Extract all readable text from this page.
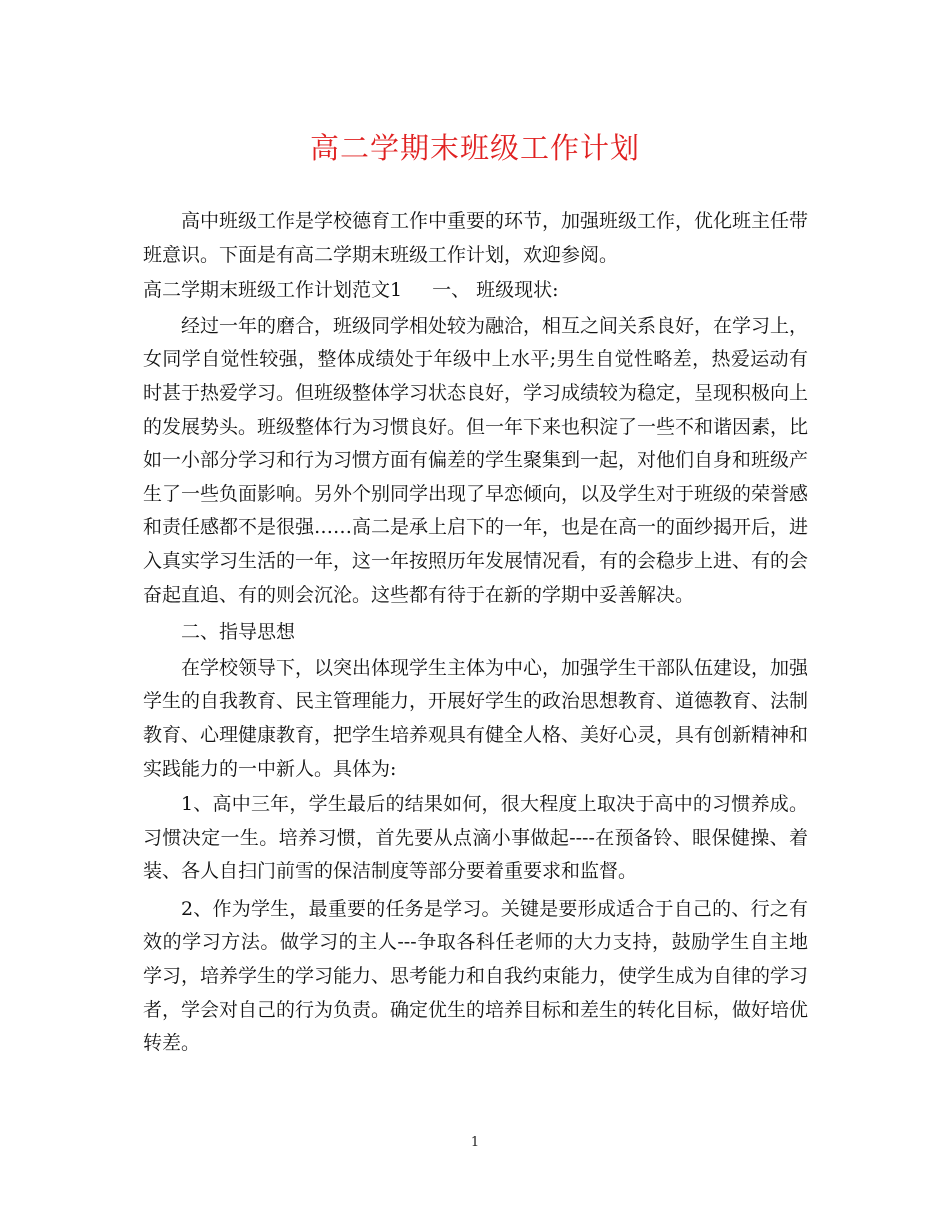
高二学期末班级工作计划

高中班级工作是学校德育工作中重要的环节，加强班级工作，优化班主任带班意识。下面是有高二学期末班级工作计划，欢迎参阅。

高二学期末班级工作计划范文1 一、 班级现状:

经过一年的磨合，班级同学相处较为融洽，相互之间关系良好，在学习上，女同学自觉性较强，整体成绩处于年级中上水平;男生自觉性略差，热爱运动有时甚于热爱学习。但班级整体学习状态良好，学习成绩较为稳定，呈现积极向上的发展势头。班级整体行为习惯良好。但一年下来也积淀了一些不和谐因素，比如一小部分学习和行为习惯方面有偏差的学生聚集到一起，对他们自身和班级产生了一些负面影响。另外个别同学出现了早恋倾向，以及学生对于班级的荣誉感和责任感都不是很强……高二是承上启下的一年，也是在高一的面纱揭开后，进入真实学习生活的一年，这一年按照历年发展情况看，有的会稳步上进、有的会奋起直追、有的则会沉沦。这些都有待于在新的学期中妥善解决。

二、指导思想

在学校领导下，以突出体现学生主体为中心，加强学生干部队伍建设，加强学生的自我教育、民主管理能力，开展好学生的政治思想教育、道德教育、法制教育、心理健康教育，把学生培养观具有健全人格、美好心灵，具有创新精神和实践能力的一中新人。具体为:

1、高中三年，学生最后的结果如何，很大程度上取决于高中的习惯养成。习惯决定一生。培养习惯，首先要从点滴小事做起----在预备铃、眼保健操、着装、各人自扫门前雪的保洁制度等部分要着重要求和监督。

2、作为学生，最重要的任务是学习。关键是要形成适合于自己的、行之有效的学习方法。做学习的主人---争取各科任老师的大力支持，鼓励学生自主地学习，培养学生的学习能力、思考能力和自我约束能力，使学生成为自律的学习者，学会对自己的行为负责。确定优生的培养目标和差生的转化目标，做好培优转差。

1
